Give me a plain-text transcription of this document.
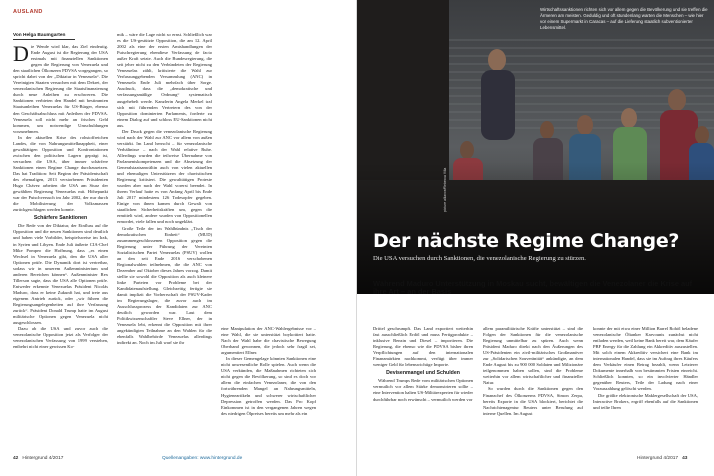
AUSLAND
Von Helga Baumgarten

Die Wende wird klar, das Ziel eindeutig. Ende August ist die Regierung der USA erstmals mit finanziellen Sanktionen gegen die Regierung von Venezuela und den staatlichen Ölkonzern PDVSA vorgegangen, so spricht dabei von der „Diktatur in Venezuela“. Die Vereinigten Staaten versuchen mit dem Dekret, der venezolanischen Regierung die Staatsfinanzierung durch neue Anleihen zu erschweren. Die Sanktionen verbieten den Handel mit bestimmten Staatsanleihen Venezuelas für US-Bürger, ebenso den Geschäftsabschluss mit Anleihen der PDVSA. Venezuela soll nicht mehr an frisches Geld kommen, um notwendige Umschuldungen vorzunehmen.

In der aktuellen Krise des rohstoffreichen Landes, die von Nahrungsmittelknappheit, einer gewalttätigen Opposition und Konfrontationen zwischen den politischen Lagern geprägt ist, versuchen die USA, über immer schärfere Sanktionen einen Regime Change durchzusetzen. Das hat Tradition: Seit Beginn der Präsidentschaft des ehemaligen, 2013 verstorbenen Präsidenten Hugo Chávez arbeiten die USA am Sturz der gewählten Regierung Venezuelas mit. Höhepunkt war der Putschversuch im Jahr 2002, der nur durch die Mobilisierung der Volksmassen zurückgeschlagen werden konnte.

Schärfere Sanktionen

Die Rede von der Diktatur, der Einfluss auf die Opposition und die neuen Sanktionen sind deutlich und haben viele Vorbilder, beispielsweise im Irak, in Syrien und Libyen. Ende Juli äußerte CIA-Chef Mike Pompeo die Hoffnung, dass „es einen Wechsel in Venezuela gibt, den die USA aller Optionen prüfe. Die Dynamik dort ist vertretbar, sodass wir in unserem Außenministerium und anderen Bereichen können“. Außenminister Rex Tillerson sagte, dass die USA alle Optionen prüfe. Entweder erkennte Venezuelas Präsident Nicolás Maduro, dass er keine Zukunft hat, und trete aus eigenem Antrieb zurück, oder „wir führen die Regierungsangelegenheiten auf ihre Verfassung zurück“. Präsident Donald Trump hatte im August militärische Optionen gegen Venezuela nicht ausgeschlossen.

Dazu ab die USA und zuvor auch die venezolanische Opposition jetzt als Verfolger der venezolanischen Verfassung von 1999 verstehen, entbehrt nicht einer gewissen Ko-

mik – wäre die Lage nicht so ernst. Schließlich war es die US-gestützte Opposition, die am 12. April 2002 als eine der ersten Amtshandlungen der Putschregierung ebendiese Verfassung de facto außer Kraft setzte. Auch die Bundesregierung, die seit jeher nicht zu den Verbündeten der Regierung Venezuelas zählt, kritisierte die Wahl zur Verfassunggebenden Versammlung (ANC) in Venezuela Ende Juli mehrfach über Sorge. Ausdruck, dass die „demokratische und verfassungsmäßige Ordnung“ systematisch ausgehebelt werde. Kanzlerin Angela Merkel traf sich mit führenden Vertretern des von der Opposition dominierten Parlaments, forderte zu einem Dialog auf und schloss EU-Sanktionen nicht aus.

Der Druck gegen die venezolanische Regierung wird nach der Wahl zur ANC vor allem von außen verstärkt. Im Land herrscht – für venezolanische Verhältnisse – nach der Wahl relative Ruhe. Allerdings wurden die teilweise Übernahme von Parlamentskompetenzen und die Absetzung der Generalstaatsanwältin auch von vielen aktuellen und ehemaligen Unterstützern der chavistischen Regierung kritisiert. Die gewalttätigen Proteste wurden aber nach der Wahl vorerst beendet. In ihrem Verlauf hatte es von Anfang April bis Ende Juli 2017 mindestens 126 Todesopfer gegeben. Einige von ihnen kamen durch Gewalt von staatlichen Sicherheitskräften um, gegen die ermittelt wird, andere wurden von Oppositionellen ermordet, viele fallen und noch ungeklärt.

Große Teile der im Wahlbündnis „Tisch der demokratischen Einheit“ (MUD) zusammengeschlossenen Opposition gegen die Regierung unter Führung der Vereinten Sozialistischen Partei Venezuelas (PSUV) wollen an den seit Ende 2016 verschobenen Regionalwahlen teilnehmen, die die ANC von Dezember auf Oktober dieses Jahres vorzog. Damit stellte sie sowohl die Opposition als auch kleinere linke Parteien vor Probleme bei der Kandidatenaufstellung. Gleichzeitig fertigte sie damit implizit die Vorherrschaft der PSUV-Kader im Regierungslager, die zuvor auch im Ausschlussprozess der Kandidaten zur ANC deutlich geworden war. Laut dem Politikwissenschaftler Steve Ellner, der in Venezuela lebt, erkennt die Opposition mit ihrer angekündigten Teilnahme an den Wahlen für die ebenfalls Wahlbehörde Venezuelas allerdings indirekt an. Noch im Juli warf sie ihr

eine Manipulation der ANC-Wahlergebnisse vor – eine Wahl, die sie unterstützt boykottiert hatte. Nach der Wahl habe die chavistische Bewegung Oberhand gewonnen, die jedoch sehr fragil sei, argumentiert Ellner.

In dieser Gemengelage könnten Sanktionen eine nicht unwesentliche Rolle spielen. Auch wenn die USA verkünden, die Maßnahmen richteten sich nicht gegen die Bevölkerung, so sind es doch vor allem die einfachen Venezolaner, die von den fortwährenden Mangel an Nahrungsmitteln, Hygieneartikeln und schwerer wirtschaftlicher Depression getroffen werden. Das Pro Kopf Einkommen ist in den vergangenen Jahren wegen des niedrigen Ölpreises bereits um mehr als ein

42 Hintergrund 4/2017	Quellenangaben: www.hintergrund.de
Wirtschaftssanktionen richten sich vor allem gegen die Bevölkerung und sie treffen die Ärmeren am meisten. Geduldig und oft stundenlang warten die Menschen – wie hier vor einem Supermarkt in Caracas – auf die Lieferung staatlich subventionierter Lebensmittel.
picture alliance/Rebecca Villa
Der nächste Regime Change?
Die USA versuchen durch Sanktionen, die venezolanische Regierung zu stürzen.
Während Maduro Unterstützung in Moskau sucht, bewältigen die Venezolaner die Krise auf ihre Art – an der Basis

Drittel geschrumpft. Das Land exportiert weiterhin fast ausschließlich Erdöl und muss Fertigprodukte – inklusive Benzin und Diesel – importieren. Die Regierung, die ebenso wie die PDVSA bisher ihren Verpflichtungen auf den internationalen Finanzmärkten nachkommt, verfügt über immer weniger Geld für lebenswichtige Importe.

Devisenmangel und Schulden

Während Trumps Rede vom militärischen Optionen vermutlich vor allem Stärke demonstrieren sollte – eine Intervention halten US-Militärexperten für wieder durchführbar noch erwünscht – vermutlich werden vor

allem paramilitärische Kräfte unterstützt – sind die Folgen der Sanktionen für die venezolanische Regierung unmittelbar zu spüren. Auch wenn Präsident Maduro direkt nach den Äußerungen des US-Präsidenten ein zivil-militärisches Großmanöver zur „Solidarischen Souveränität“ ankündigte, an dem Ende August bis zu 900 000 Soldaten und Milizionäre teilgenommen haben sollen, sind die Probleme weiterhin vor allem wirtschaftlicher und finanzieller Natur.

So wurden durch die Sanktionen gegen den Finanzchef des Ölkonzerns PDVSA, Simon Zerpa, bereits Exporte in die USA blockiert, berichtet die Nachrichtenagentur Reuters unter Berufung auf interne Quellen. Im August

konnte der mit etwa einer Million Barrel Rohöl beladene venezolanische Öltanker Karvounis zunächst nicht entladen werden, weil keine Bank bereit war, dem Käufer PBF Energy für die Zahlung ein Akkreditiv auszustellen. Mit solch einem Akkreditiv versichert eine Bank im internationalen Handel, dass sie im Auftrag ihres Käufers dem Verkäufer einen Betrag bezahlt, wenn Letzterer Dokumente innerhalb von bestimmten Fristen einreicht. Schließlich konnten, so ein involvierter Händler gegenüber Reuters, Teile der Ladung nach einer Vorauszahlung gelöscht werden.

Die größte elektronische Maklergesellschaft der USA, Interactive Brokers, ergriff ebenfalls auf die Sanktionen und teilte Ihren

Hintergrund 4/2017 43
